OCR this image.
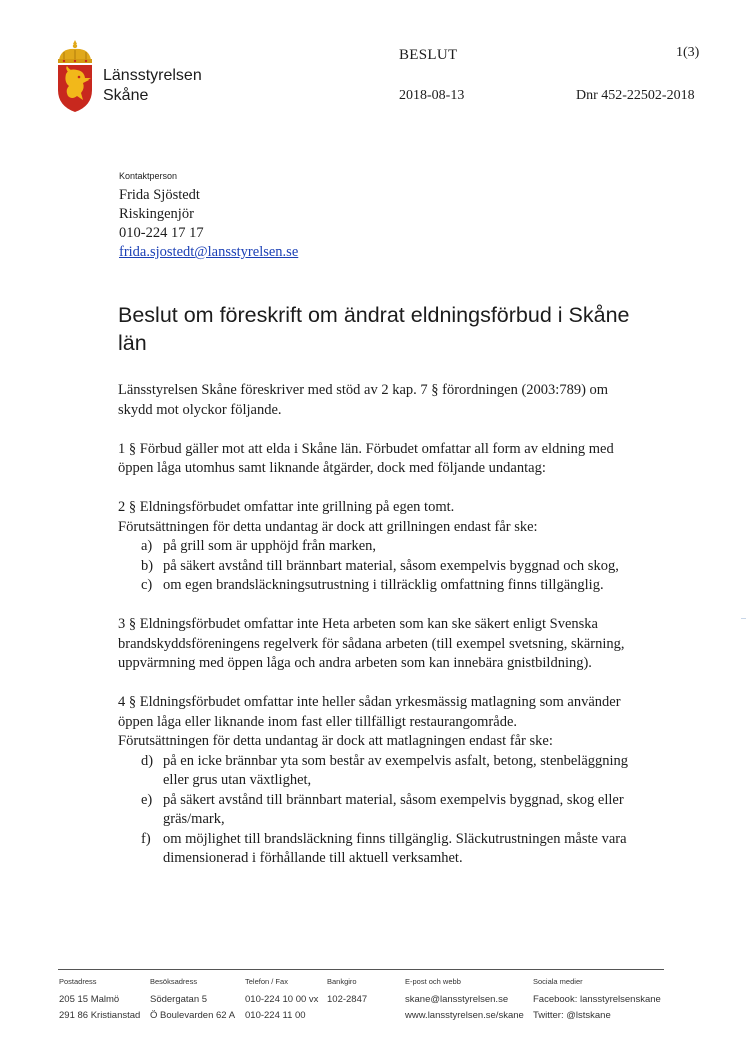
Länsstyrelsen
Skåne
BESLUT	1(3)
2018-08-13	Dnr 452-22502-2018
Kontaktperson
Frida Sjöstedt
Riskingenjör
010-224 17 17
frida.sjostedt@lansstyrelsen.se
Beslut om föreskrift om ändrat eldningsförbud i Skåne län

Länsstyrelsen Skåne föreskriver med stöd av 2 kap. 7 § förordningen (2003:789) om skydd mot olyckor följande.

1 § Förbud gäller mot att elda i Skåne län. Förbudet omfattar all form av eldning med öppen låga utomhus samt liknande åtgärder, dock med följande undantag:

2 § Eldningsförbudet omfattar inte grillning på egen tomt.
Förutsättningen för detta undantag är dock att grillningen endast får ske:
a) på grill som är upphöjd från marken,
b) på säkert avstånd till brännbart material, såsom exempelvis byggnad och skog,
c) om egen brandsläckningsutrustning i tillräcklig omfattning finns tillgänglig.

3 § Eldningsförbudet omfattar inte Heta arbeten som kan ske säkert enligt Svenska brandskyddsföreningens regelverk för sådana arbeten (till exempel svetsning, skärning, uppvärmning med öppen låga och andra arbeten som kan innebära gnistbildning).

4 § Eldningsförbudet omfattar inte heller sådan yrkesmässig matlagning som använder öppen låga eller liknande inom fast eller tillfälligt restaurangområde.
Förutsättningen för detta undantag är dock att matlagningen endast får ske:
d) på en icke brännbar yta som består av exempelvis asfalt, betong, stenbeläggning eller grus utan växtlighet,
e) på säkert avstånd till brännbart material, såsom exempelvis byggnad, skog eller gräs/mark,
f) om möjlighet till brandsläckning finns tillgänglig. Släckutrustningen måste vara dimensionerad i förhållande till aktuell verksamhet.
Postadress
205 15 Malmö
291 86 Kristianstad
Besöksadress
Södergatan 5
Ö Boulevarden 62 A
Telefon / Fax
010-224 10 00 vx
010-224 11 00
Bankgiro
102-2847
E-post och webb
skane@lansstyrelsen.se
www.lansstyrelsen.se/skane
Sociala medier
Facebook: lansstyrelsenskane
Twitter: @lstskane
